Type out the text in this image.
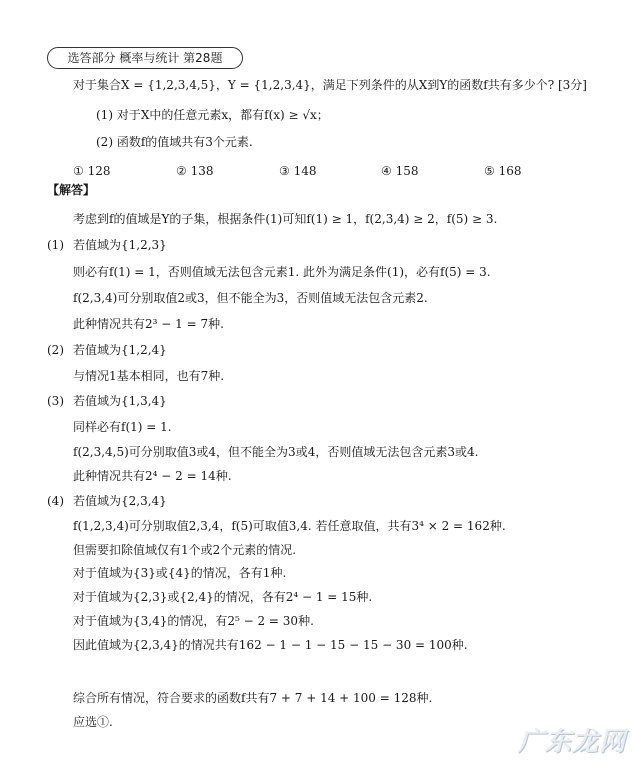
选答部分 概率与统计 第28题
对于集合X = {1,2,3,4,5}，Y = {1,2,3,4}，满足下列条件的从X到Y的函数f共有多少个? [3分]
(1) 对于X中的任意元素x，都有f(x) ≥ √x；
(2) 函数f的值域共有3个元素.
① 128	② 138	③ 148	④ 158	⑤ 168
【解答】
考虑到f的值域是Y的子集，根据条件(1)可知f(1) ≥ 1，f(2,3,4) ≥ 2，f(5) ≥ 3.
(1) 若值域为{1,2,3}
则必有f(1) = 1，否则值域无法包含元素1. 此外为满足条件(1)，必有f(5) = 3.
f(2,3,4)可分别取值2或3，但不能全为3，否则值域无法包含元素2.
此种情况共有2³ − 1 = 7种.
(2) 若值域为{1,2,4}
与情况1基本相同，也有7种.
(3) 若值域为{1,3,4}
同样必有f(1) = 1.
f(2,3,4,5)可分别取值3或4，但不能全为3或4，否则值域无法包含元素3或4.
此种情况共有2⁴ − 2 = 14种.
(4) 若值域为{2,3,4}
f(1,2,3,4)可分别取值2,3,4，f(5)可取值3,4. 若任意取值，共有3⁴ × 2 = 162种.
但需要扣除值域仅有1个或2个元素的情况.
对于值域为{3}或{4}的情况，各有1种.
对于值域为{2,3}或{2,4}的情况，各有2⁴ − 1 = 15种.
对于值域为{3,4}的情况，有2⁵ − 2 = 30种.
因此值域为{2,3,4}的情况共有162 − 1 − 1 − 15 − 15 − 30 = 100种.
综合所有情况，符合要求的函数f共有7 + 7 + 14 + 100 = 128种.
应选①.
广东龙网
